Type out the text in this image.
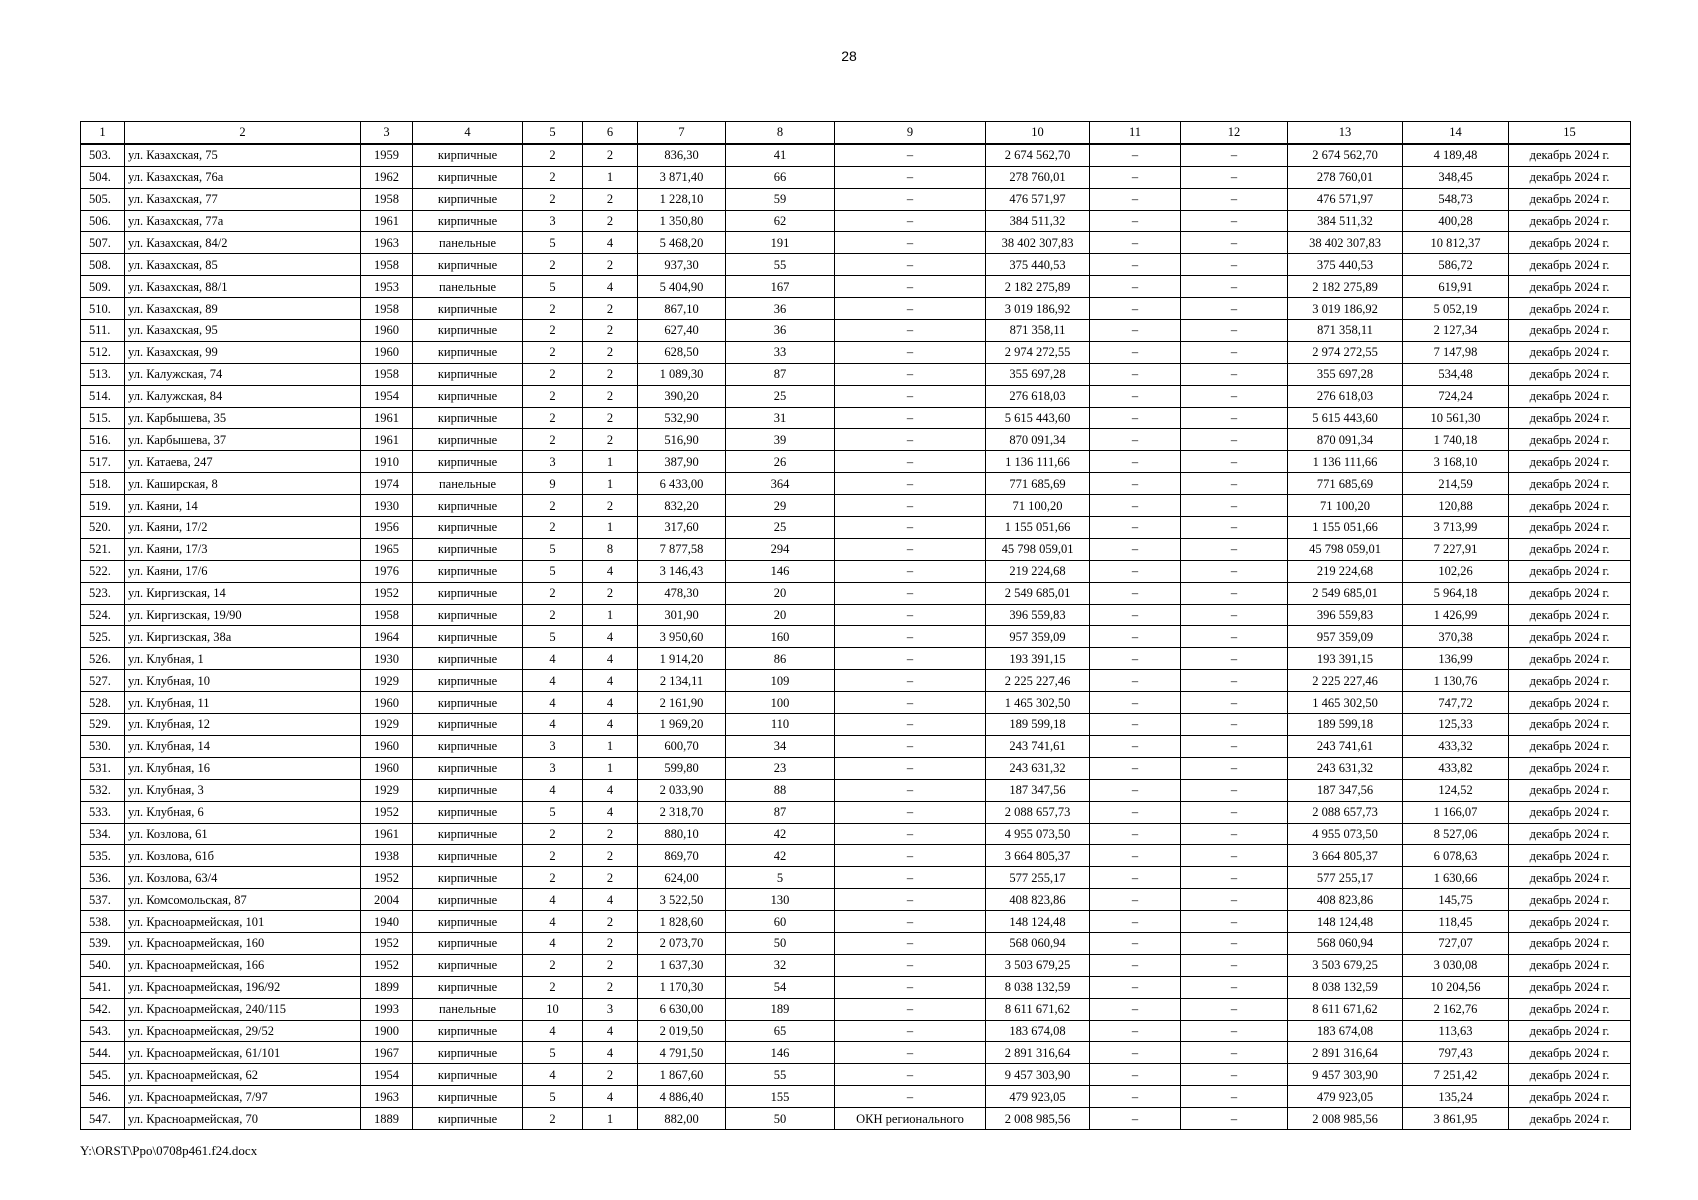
28
1	2	3	4	5	6	7	8	9	10	11	12	13	14	15
503.	ул. Казахская, 75	1959	кирпичные	2	2	836,30	41	–	2 674 562,70	–	–	2 674 562,70	4 189,48	декабрь 2024 г.
504.	ул. Казахская, 76а	1962	кирпичные	2	1	3 871,40	66	–	278 760,01	–	–	278 760,01	348,45	декабрь 2024 г.
505.	ул. Казахская, 77	1958	кирпичные	2	2	1 228,10	59	–	476 571,97	–	–	476 571,97	548,73	декабрь 2024 г.
506.	ул. Казахская, 77а	1961	кирпичные	3	2	1 350,80	62	–	384 511,32	–	–	384 511,32	400,28	декабрь 2024 г.
507.	ул. Казахская, 84/2	1963	панельные	5	4	5 468,20	191	–	38 402 307,83	–	–	38 402 307,83	10 812,37	декабрь 2024 г.
508.	ул. Казахская, 85	1958	кирпичные	2	2	937,30	55	–	375 440,53	–	–	375 440,53	586,72	декабрь 2024 г.
509.	ул. Казахская, 88/1	1953	панельные	5	4	5 404,90	167	–	2 182 275,89	–	–	2 182 275,89	619,91	декабрь 2024 г.
510.	ул. Казахская, 89	1958	кирпичные	2	2	867,10	36	–	3 019 186,92	–	–	3 019 186,92	5 052,19	декабрь 2024 г.
511.	ул. Казахская, 95	1960	кирпичные	2	2	627,40	36	–	871 358,11	–	–	871 358,11	2 127,34	декабрь 2024 г.
512.	ул. Казахская, 99	1960	кирпичные	2	2	628,50	33	–	2 974 272,55	–	–	2 974 272,55	7 147,98	декабрь 2024 г.
513.	ул. Калужская, 74	1958	кирпичные	2	2	1 089,30	87	–	355 697,28	–	–	355 697,28	534,48	декабрь 2024 г.
514.	ул. Калужская, 84	1954	кирпичные	2	2	390,20	25	–	276 618,03	–	–	276 618,03	724,24	декабрь 2024 г.
515.	ул. Карбышева, 35	1961	кирпичные	2	2	532,90	31	–	5 615 443,60	–	–	5 615 443,60	10 561,30	декабрь 2024 г.
516.	ул. Карбышева, 37	1961	кирпичные	2	2	516,90	39	–	870 091,34	–	–	870 091,34	1 740,18	декабрь 2024 г.
517.	ул. Катаева, 247	1910	кирпичные	3	1	387,90	26	–	1 136 111,66	–	–	1 136 111,66	3 168,10	декабрь 2024 г.
518.	ул. Каширская, 8	1974	панельные	9	1	6 433,00	364	–	771 685,69	–	–	771 685,69	214,59	декабрь 2024 г.
519.	ул. Каяни, 14	1930	кирпичные	2	2	832,20	29	–	71 100,20	–	–	71 100,20	120,88	декабрь 2024 г.
520.	ул. Каяни, 17/2	1956	кирпичные	2	1	317,60	25	–	1 155 051,66	–	–	1 155 051,66	3 713,99	декабрь 2024 г.
521.	ул. Каяни, 17/3	1965	кирпичные	5	8	7 877,58	294	–	45 798 059,01	–	–	45 798 059,01	7 227,91	декабрь 2024 г.
522.	ул. Каяни, 17/6	1976	кирпичные	5	4	3 146,43	146	–	219 224,68	–	–	219 224,68	102,26	декабрь 2024 г.
523.	ул. Киргизская, 14	1952	кирпичные	2	2	478,30	20	–	2 549 685,01	–	–	2 549 685,01	5 964,18	декабрь 2024 г.
524.	ул. Киргизская, 19/90	1958	кирпичные	2	1	301,90	20	–	396 559,83	–	–	396 559,83	1 426,99	декабрь 2024 г.
525.	ул. Киргизская, 38а	1964	кирпичные	5	4	3 950,60	160	–	957 359,09	–	–	957 359,09	370,38	декабрь 2024 г.
526.	ул. Клубная, 1	1930	кирпичные	4	4	1 914,20	86	–	193 391,15	–	–	193 391,15	136,99	декабрь 2024 г.
527.	ул. Клубная, 10	1929	кирпичные	4	4	2 134,11	109	–	2 225 227,46	–	–	2 225 227,46	1 130,76	декабрь 2024 г.
528.	ул. Клубная, 11	1960	кирпичные	4	4	2 161,90	100	–	1 465 302,50	–	–	1 465 302,50	747,72	декабрь 2024 г.
529.	ул. Клубная, 12	1929	кирпичные	4	4	1 969,20	110	–	189 599,18	–	–	189 599,18	125,33	декабрь 2024 г.
530.	ул. Клубная, 14	1960	кирпичные	3	1	600,70	34	–	243 741,61	–	–	243 741,61	433,32	декабрь 2024 г.
531.	ул. Клубная, 16	1960	кирпичные	3	1	599,80	23	–	243 631,32	–	–	243 631,32	433,82	декабрь 2024 г.
532.	ул. Клубная, 3	1929	кирпичные	4	4	2 033,90	88	–	187 347,56	–	–	187 347,56	124,52	декабрь 2024 г.
533.	ул. Клубная, 6	1952	кирпичные	5	4	2 318,70	87	–	2 088 657,73	–	–	2 088 657,73	1 166,07	декабрь 2024 г.
534.	ул. Козлова, 61	1961	кирпичные	2	2	880,10	42	–	4 955 073,50	–	–	4 955 073,50	8 527,06	декабрь 2024 г.
535.	ул. Козлова, 61б	1938	кирпичные	2	2	869,70	42	–	3 664 805,37	–	–	3 664 805,37	6 078,63	декабрь 2024 г.
536.	ул. Козлова, 63/4	1952	кирпичные	2	2	624,00	5	–	577 255,17	–	–	577 255,17	1 630,66	декабрь 2024 г.
537.	ул. Комсомольская, 87	2004	кирпичные	4	4	3 522,50	130	–	408 823,86	–	–	408 823,86	145,75	декабрь 2024 г.
538.	ул. Красноармейская, 101	1940	кирпичные	4	2	1 828,60	60	–	148 124,48	–	–	148 124,48	118,45	декабрь 2024 г.
539.	ул. Красноармейская, 160	1952	кирпичные	4	2	2 073,70	50	–	568 060,94	–	–	568 060,94	727,07	декабрь 2024 г.
540.	ул. Красноармейская, 166	1952	кирпичные	2	2	1 637,30	32	–	3 503 679,25	–	–	3 503 679,25	3 030,08	декабрь 2024 г.
541.	ул. Красноармейская, 196/92	1899	кирпичные	2	2	1 170,30	54	–	8 038 132,59	–	–	8 038 132,59	10 204,56	декабрь 2024 г.
542.	ул. Красноармейская, 240/115	1993	панельные	10	3	6 630,00	189	–	8 611 671,62	–	–	8 611 671,62	2 162,76	декабрь 2024 г.
543.	ул. Красноармейская, 29/52	1900	кирпичные	4	4	2 019,50	65	–	183 674,08	–	–	183 674,08	113,63	декабрь 2024 г.
544.	ул. Красноармейская, 61/101	1967	кирпичные	5	4	4 791,50	146	–	2 891 316,64	–	–	2 891 316,64	797,43	декабрь 2024 г.
545.	ул. Красноармейская, 62	1954	кирпичные	4	2	1 867,60	55	–	9 457 303,90	–	–	9 457 303,90	7 251,42	декабрь 2024 г.
546.	ул. Красноармейская, 7/97	1963	кирпичные	5	4	4 886,40	155	–	479 923,05	–	–	479 923,05	135,24	декабрь 2024 г.
547.	ул. Красноармейская, 70	1889	кирпичные	2	1	882,00	50	ОКН регионального	2 008 985,56	–	–	2 008 985,56	3 861,95	декабрь 2024 г.
Y:\ORST\Ppo\0708p461.f24.docx
